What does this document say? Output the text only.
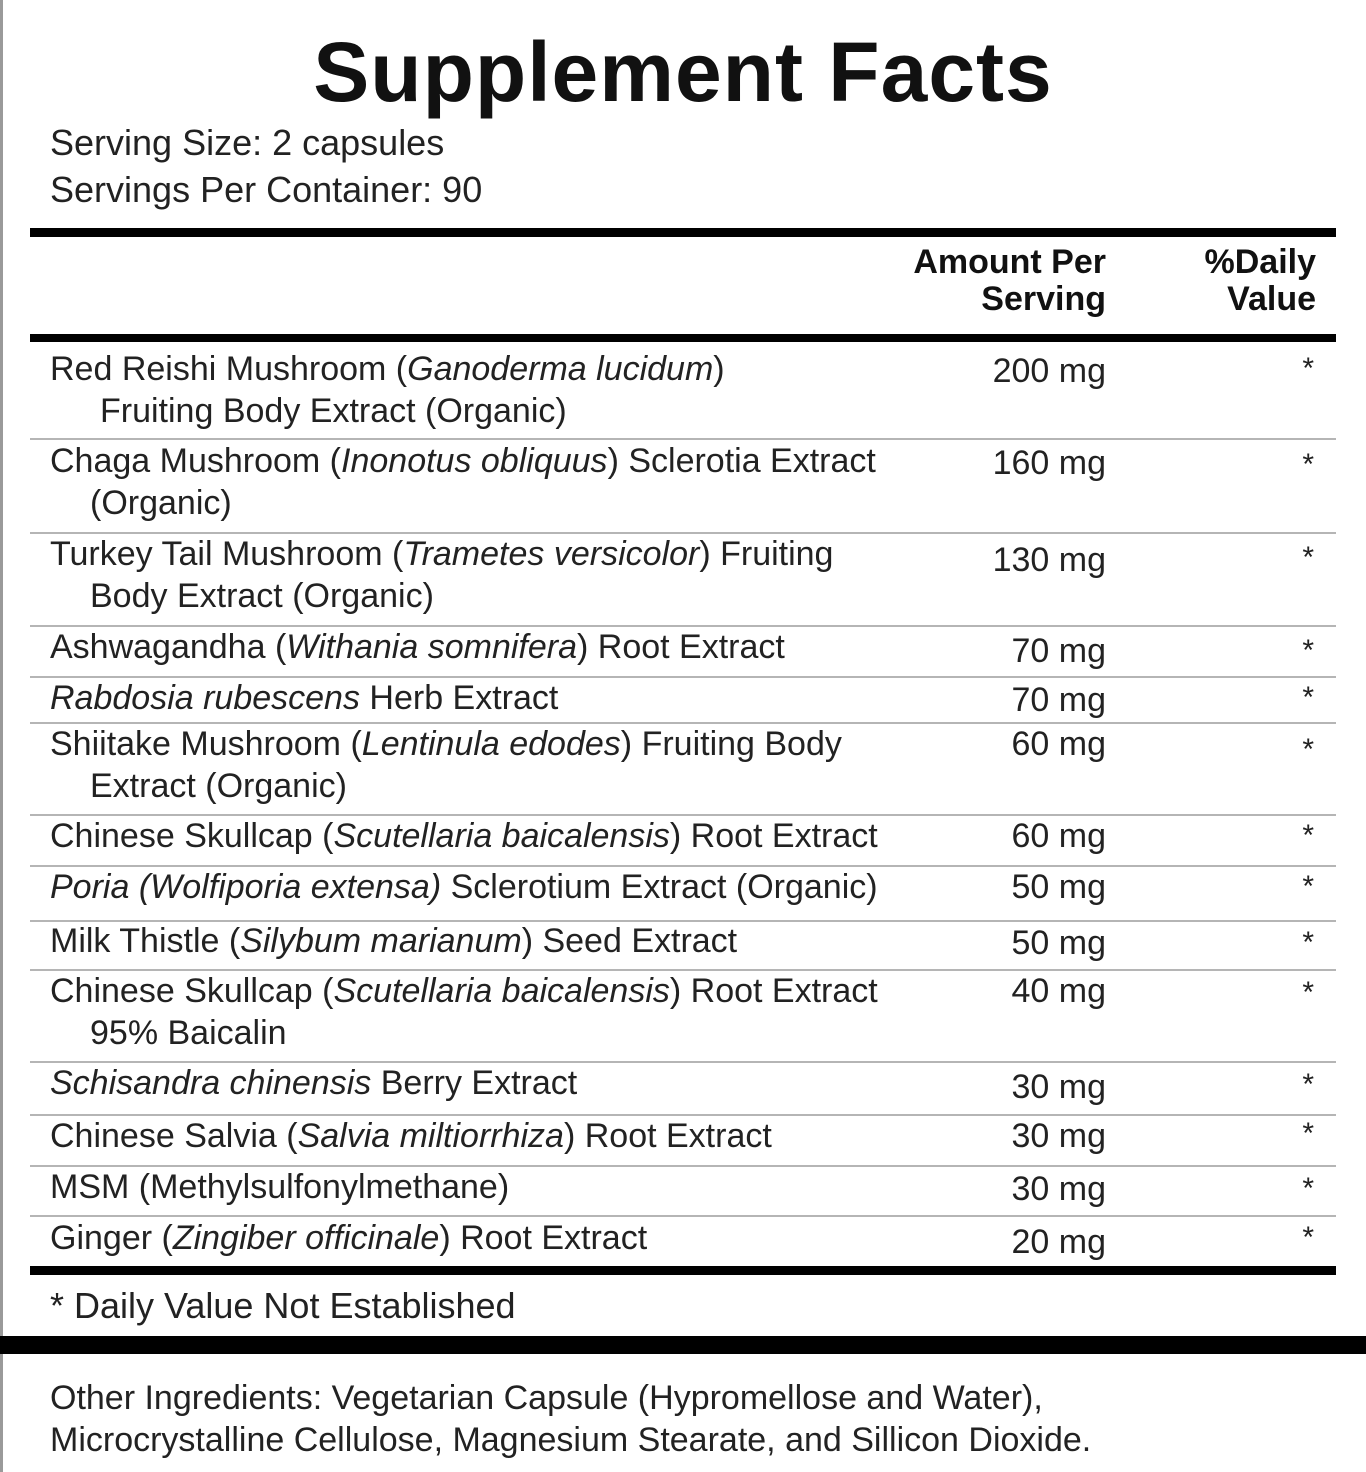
Supplement Facts
Serving Size: 2 capsules
Servings Per Container: 90
Amount Per
Serving
%Daily
Value
Red Reishi Mushroom (Ganoderma lucidum)
Fruiting Body Extract (Organic)
200 mg	*
Chaga Mushroom (Inonotus obliquus) Sclerotia Extract
(Organic)
160 mg	*
Turkey Tail Mushroom (Trametes versicolor) Fruiting
Body Extract (Organic)
130 mg	*
Ashwagandha (Withania somnifera) Root Extract	70 mg	*
Rabdosia rubescens Herb Extract	70 mg	*
Shiitake Mushroom (Lentinula edodes) Fruiting Body
Extract (Organic)
60 mg	*
Chinese Skullcap (Scutellaria baicalensis) Root Extract	60 mg	*
Poria (Wolfiporia extensa) Sclerotium Extract (Organic)	50 mg	*
Milk Thistle (Silybum marianum) Seed Extract	50 mg	*
Chinese Skullcap (Scutellaria baicalensis) Root Extract
95% Baicalin
40 mg	*
Schisandra chinensis Berry Extract	30 mg	*
Chinese Salvia (Salvia miltiorrhiza) Root Extract	30 mg	*
MSM (Methylsulfonylmethane)	30 mg	*
Ginger (Zingiber officinale) Root Extract	20 mg	*
* Daily Value Not Established
Other Ingredients: Vegetarian Capsule (Hypromellose and Water),
Microcrystalline Cellulose, Magnesium Stearate, and Sillicon Dioxide.
